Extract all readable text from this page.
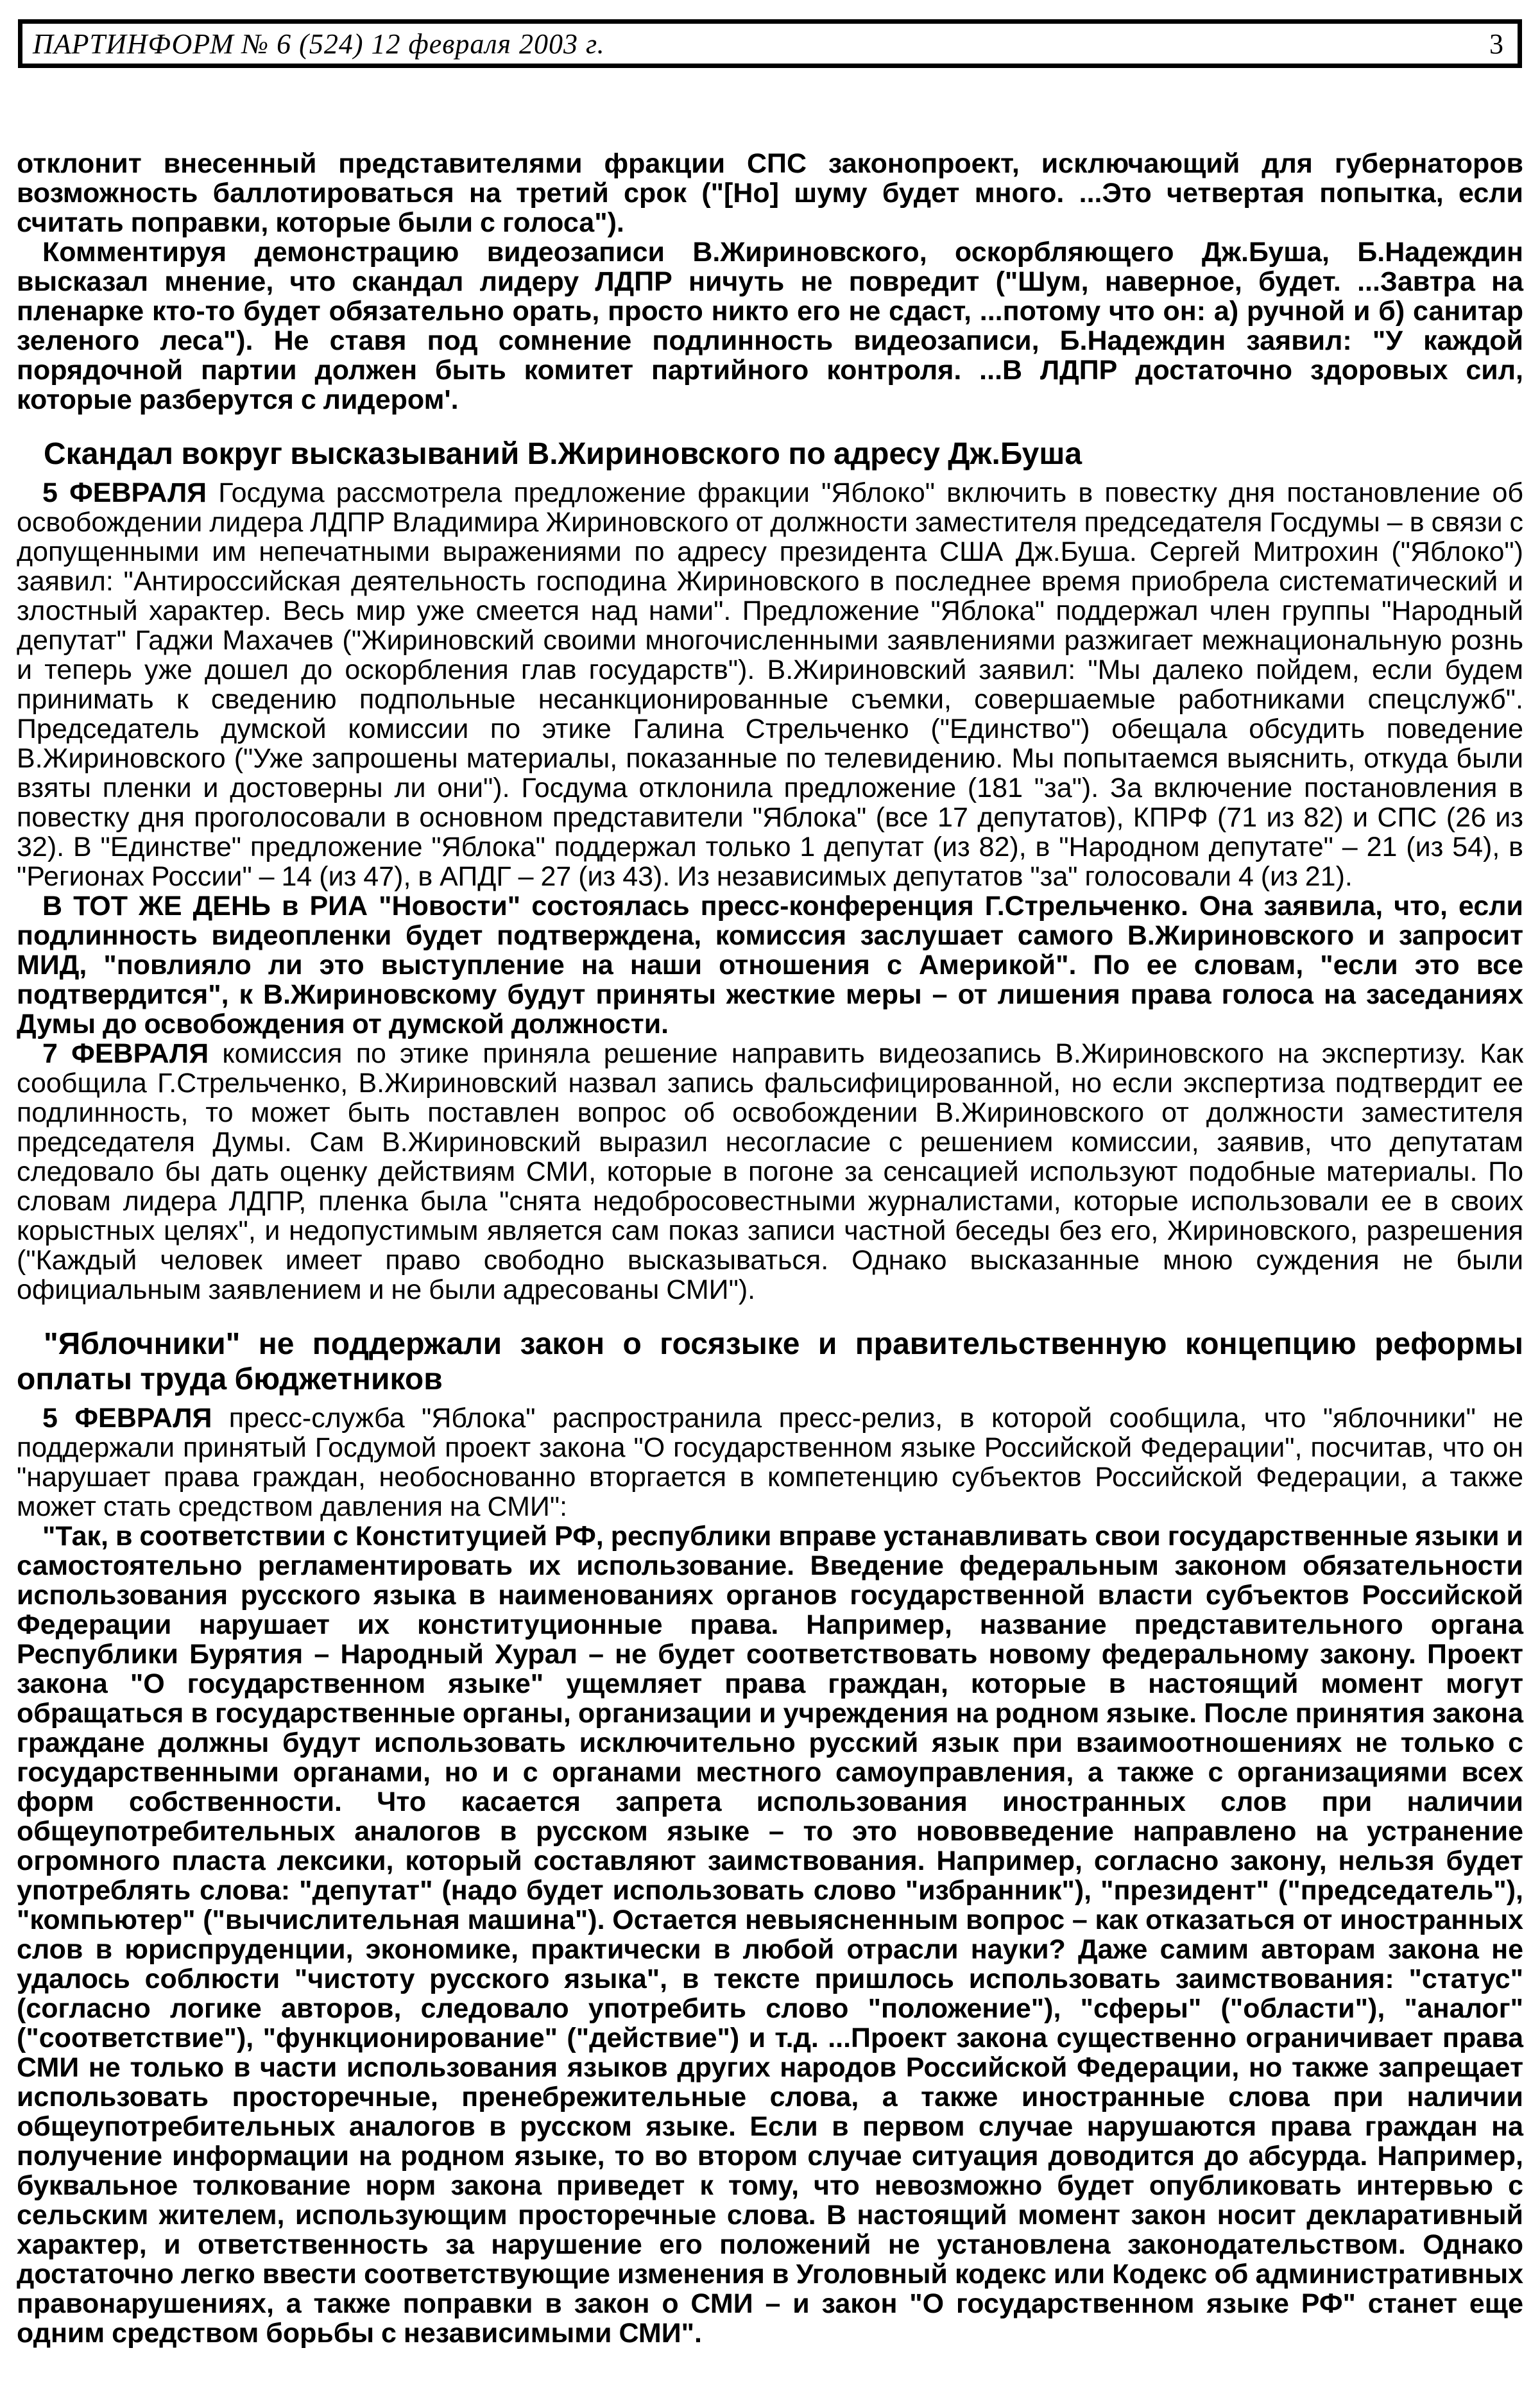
ПАРТИНФОРМ № 6 (524) 12 февраля 2003 г.	3

отклонит внесенный представителями фракции СПС законопроект, исключающий для губернаторов возможность баллотироваться на третий срок ("[Но] шуму будет много. ...Это четвертая попытка, если считать поправки, которые были с голоса").

Комментируя демонстрацию видеозаписи В.Жириновского, оскорбляющего Дж.Буша, Б.Надеждин высказал мнение, что скандал лидеру ЛДПР ничуть не повредит ("Шум, наверное, будет. ...Завтра на пленарке кто-то будет обязательно орать, просто никто его не сдаст, ...потому что он: а) ручной и б) санитар зеленого леса"). Не ставя под сомнение подлинность видеозаписи, Б.Надеждин заявил: "У каждой порядочной партии должен быть комитет партийного контроля. ...В ЛДПР достаточно здоровых сил, которые разберутся с лидером'.

Скандал вокруг высказываний В.Жириновского по адресу Дж.Буша

5 ФЕВРАЛЯ Госдума рассмотрела предложение фракции "Яблоко" включить в повестку дня постановление об освобождении лидера ЛДПР Владимира Жириновского от должности заместителя председателя Госдумы – в связи с допущенными им непечатными выражениями по адресу президента США Дж.Буша. Сергей Митрохин ("Яблоко") заявил: "Антироссийская деятельность господина Жириновского в последнее время приобрела систематический и злостный характер. Весь мир уже смеется над нами". Предложение "Яблока" поддержал член группы "Народный депутат" Гаджи Махачев ("Жириновский своими многочисленными заявлениями разжигает межнациональную рознь и теперь уже дошел до оскорбления глав государств"). В.Жириновский заявил: "Мы далеко пойдем, если будем принимать к сведению подпольные несанкционированные съемки, совершаемые работниками спецслужб". Председатель думской комиссии по этике Галина Стрельченко ("Единство") обещала обсудить поведение В.Жириновского ("Уже запрошены материалы, показанные по телевидению. Мы попытаемся выяснить, откуда были взяты пленки и достоверны ли они"). Госдума отклонила предложение (181 "за"). За включение постановления в повестку дня проголосовали в основном представители "Яблока" (все 17 депутатов), КПРФ (71 из 82) и СПС (26 из 32). В "Единстве" предложение "Яблока" поддержал только 1 депутат (из 82), в "Народном депутате" – 21 (из 54), в "Регионах России" – 14 (из 47), в АПДГ – 27 (из 43). Из независимых депутатов "за" голосовали 4 (из 21).

В ТОТ ЖЕ ДЕНЬ в РИА "Новости" состоялась пресс-конференция Г.Стрельченко. Она заявила, что, если подлинность видеопленки будет подтверждена, комиссия заслушает самого В.Жириновского и запросит МИД, "повлияло ли это выступление на наши отношения с Америкой". По ее словам, "если это все подтвердится", к В.Жириновскому будут приняты жесткие меры – от лишения права голоса на заседаниях Думы до освобождения от думской должности.

7 ФЕВРАЛЯ комиссия по этике приняла решение направить видеозапись В.Жириновского на экспертизу. Как сообщила Г.Стрельченко, В.Жириновский назвал запись фальсифицированной, но если экспертиза подтвердит ее подлинность, то может быть поставлен вопрос об освобождении В.Жириновского от должности заместителя председателя Думы. Сам В.Жириновский выразил несогласие с решением комиссии, заявив, что депутатам следовало бы дать оценку действиям СМИ, которые в погоне за сенсацией используют подобные материалы. По словам лидера ЛДПР, пленка была "снята недобросовестными журналистами, которые использовали ее в своих корыстных целях", и недопустимым является сам показ записи частной беседы без его, Жириновского, разрешения ("Каждый человек имеет право свободно высказываться. Однако высказанные мною суждения не были официальным заявлением и не были адресованы СМИ").

"Яблочники" не поддержали закон о госязыке и правительственную концепцию реформы оплаты труда бюджетников

5 ФЕВРАЛЯ пресс-служба "Яблока" распространила пресс-релиз, в которой сообщила, что "яблочники" не поддержали принятый Госдумой проект закона "О государственном языке Российской Федерации", посчитав, что он "нарушает права граждан, необоснованно вторгается в компетенцию субъектов Российской Федерации, а также может стать средством давления на СМИ":

"Так, в соответствии с Конституцией РФ, республики вправе устанавливать свои государственные языки и самостоятельно регламентировать их использование. Введение федеральным законом обязательности использования русского языка в наименованиях органов государственной власти субъектов Российской Федерации нарушает их конституционные права. Например, название представительного органа Республики Бурятия – Народный Хурал – не будет соответствовать новому федеральному закону. Проект закона "О государственном языке" ущемляет права граждан, которые в настоящий момент могут обращаться в государственные органы, организации и учреждения на родном языке. После принятия закона граждане должны будут использовать исключительно русский язык при взаимоотношениях не только с государственными органами, но и с органами местного самоуправления, а также с организациями всех форм собственности. Что касается запрета использования иностранных слов при наличии общеупотребительных аналогов в русском языке – то это нововведение направлено на устранение огромного пласта лексики, который составляют заимствования. Например, согласно закону, нельзя будет употреблять слова: "депутат" (надо будет использовать слово "избранник"), "президент" ("председатель"), "компьютер" ("вычислительная машина"). Остается невыясненным вопрос – как отказаться от иностранных слов в юриспруденции, экономике, практически в любой отрасли науки? Даже самим авторам закона не удалось соблюсти "чистоту русского языка", в тексте пришлось использовать заимствования: "статус" (согласно логике авторов, следовало употребить слово "положение"), "сферы" ("области"), "аналог" ("соответствие"), "функционирование" ("действие") и т.д. ...Проект закона существенно ограничивает права СМИ не только в части использования языков других народов Российской Федерации, но также запрещает использовать просторечные, пренебрежительные слова, а также иностранные слова при наличии общеупотребительных аналогов в русском языке. Если в первом случае нарушаются права граждан на получение информации на родном языке, то во втором случае ситуация доводится до абсурда. Например, буквальное толкование норм закона приведет к тому, что невозможно будет опубликовать интервью с сельским жителем, использующим просторечные слова. В настоящий момент закон носит декларативный характер, и ответственность за нарушение его положений не установлена законодательством. Однако достаточно легко ввести соответствующие изменения в Уголовный кодекс или Кодекс об административных правонарушениях, а также поправки в закон о СМИ – и закон "О государственном языке РФ" станет еще одним средством борьбы с независимыми СМИ".
